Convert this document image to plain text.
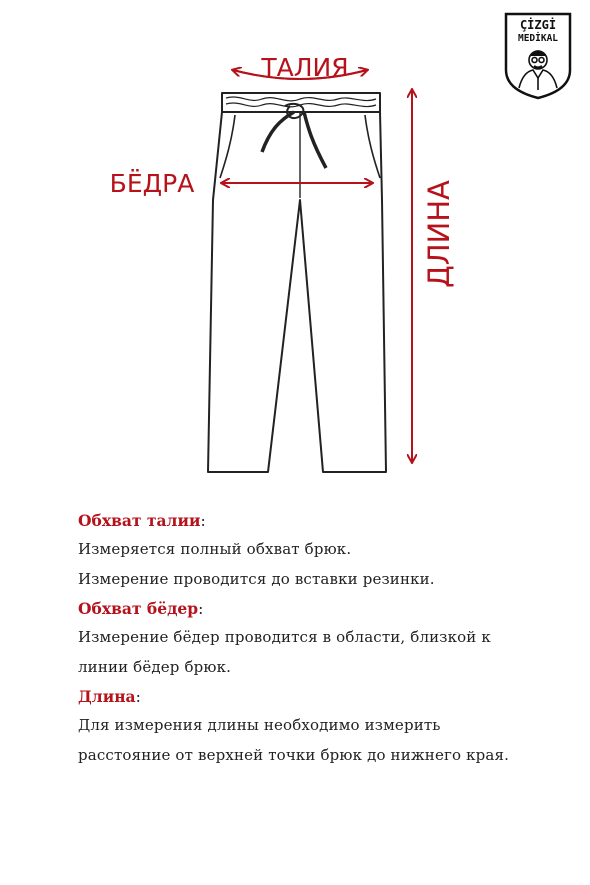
ТАЛИЯ
БЁДРА	ДЛИНА
ÇİZGİ
MEDİKAL

Обхват талии:

Измеряется полный обхват брюк.

Измерение проводится до вставки резинки.

Обхват бёдер:

Измерение бёдер проводится в области, близкой к

линии бёдер брюк.

Длина:

Для измерения длины необходимо измерить

расстояние от верхней точки брюк до нижнего края.
